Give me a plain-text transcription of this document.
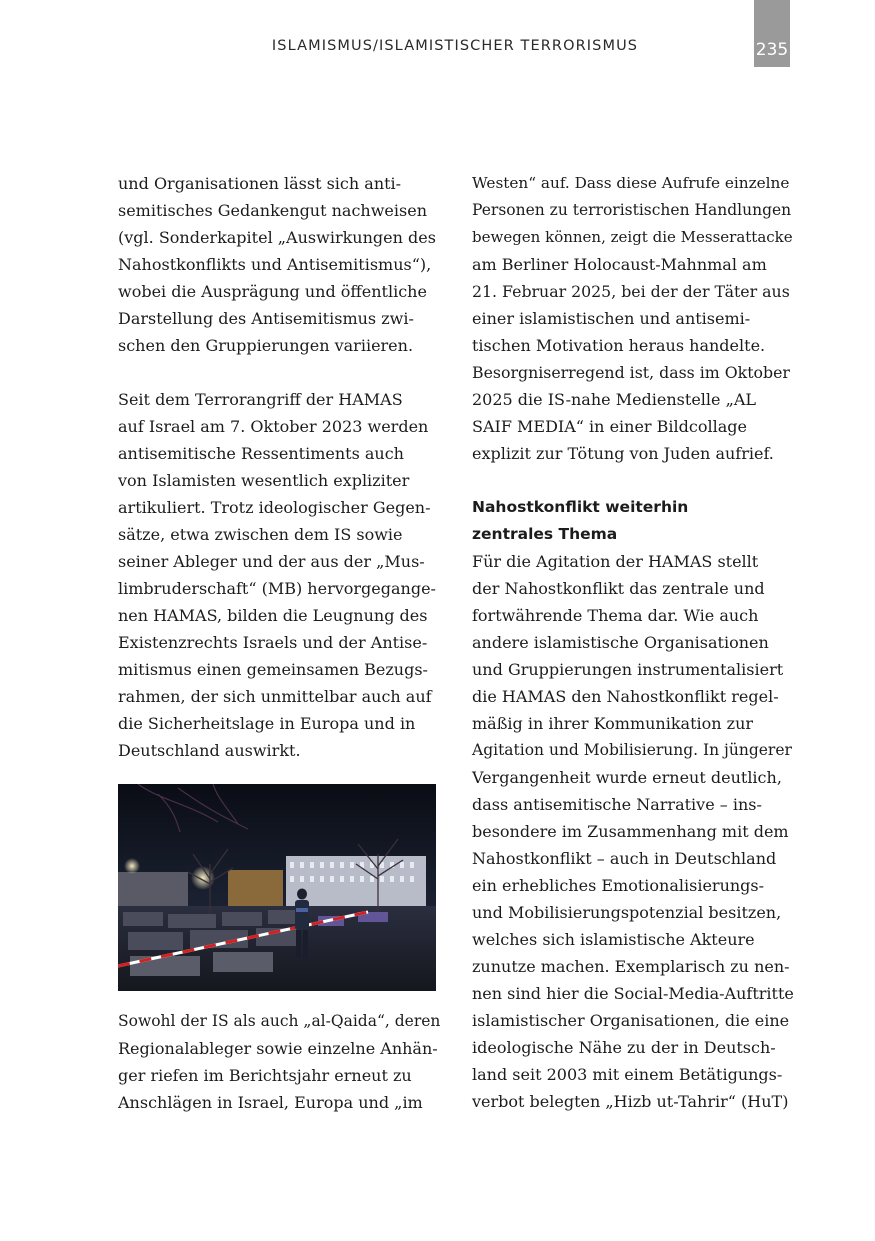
ISLAMISMUS/ISLAMISTISCHER TERRORISMUS	235
und Organisationen lässt sich anti-
semitisches Gedankengut nachweisen
(vgl. Sonderkapitel „Auswirkungen des
Nahostkonflikts und Antisemitismus“),
wobei die Ausprägung und öffentliche
Darstellung des Antisemitismus zwi-
schen den Gruppierungen variieren.
Seit dem Terrorangriff der HAMAS
auf Israel am 7. Oktober 2023 werden
antisemitische Ressentiments auch
von Islamisten wesentlich expliziter
artikuliert. Trotz ideologischer Gegen-
sätze, etwa zwischen dem IS sowie
seiner Ableger und der aus der „Mus-
limbruderschaft“ (MB) hervorgegange-
nen HAMAS, bilden die Leugnung des
Existenzrechts Israels und der Antise-
mitismus einen gemeinsamen Bezugs-
rahmen, der sich unmittelbar auch auf
die Sicherheitslage in Europa und in
Deutschland auswirkt.
Sowohl der IS als auch „al-Qaida“, deren
Regionalableger sowie einzelne Anhän-
ger riefen im Berichtsjahr erneut zu
Anschlägen in Israel, Europa und „im
Westen“ auf. Dass diese Aufrufe einzelne
Personen zu terroristischen Handlungen
bewegen können, zeigt die Messerattacke
am Berliner Holocaust-Mahnmal am
21. Februar 2025, bei der der Täter aus
einer islamistischen und antisemi-
tischen Motivation heraus handelte.
Besorgniserregend ist, dass im Oktober
2025 die IS-nahe Medienstelle „AL
SAIF MEDIA“ in einer Bildcollage
explizit zur Tötung von Juden aufrief.
Nahostkonflikt weiterhin
zentrales Thema
Für die Agitation der HAMAS stellt
der Nahostkonflikt das zentrale und
fortwährende Thema dar. Wie auch
andere islamistische Organisationen
und Gruppierungen instrumentalisiert
die HAMAS den Nahostkonflikt regel-
mäßig in ihrer Kommunikation zur
Agitation und Mobilisierung. In jüngerer
Vergangenheit wurde erneut deutlich,
dass antisemitische Narrative – ins-
besondere im Zusammenhang mit dem
Nahostkonflikt – auch in Deutschland
ein erhebliches Emotionalisierungs-
und Mobilisierungspotenzial besitzen,
welches sich islamistische Akteure
zunutze machen. Exemplarisch zu nen-
nen sind hier die Social-Media-Auftritte
islamistischer Organisationen, die eine
ideologische Nähe zu der in Deutsch-
land seit 2003 mit einem Betätigungs-
verbot belegten „Hizb ut-Tahrir“ (HuT)
